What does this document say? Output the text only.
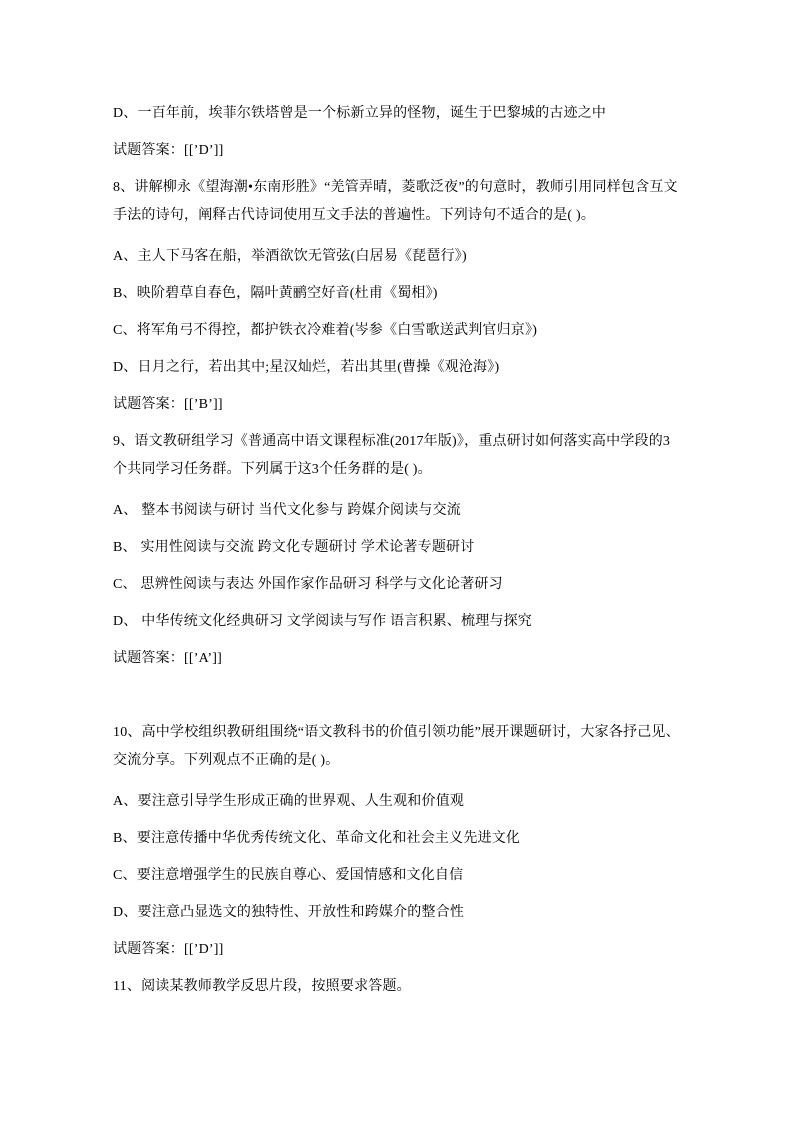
D、一百年前，埃菲尔铁塔曾是一个标新立异的怪物，诞生于巴黎城的古迹之中

试题答案：[[’D’]]

8、讲解柳永《望海潮•东南形胜》“羌管弄晴，菱歌泛夜”的句意时，教师引用同样包含互文手法的诗句，阐释古代诗词使用互文手法的普遍性。下列诗句不适合的是( )。

A、主人下马客在船，举酒欲饮无管弦(白居易《琵琶行》)

B、映阶碧草自春色，隔叶黄鹂空好音(杜甫《蜀相》)

C、将军角弓不得控，都护铁衣冷难着(岑参《白雪歌送武判官归京》)

D、日月之行，若出其中;星汉灿烂，若出其里(曹操《观沧海》)

试题答案：[[’B’]]

9、语文教研组学习《普通高中语文课程标准(2017年版)》，重点研讨如何落实高中学段的3个共同学习任务群。下列属于这3个任务群的是( )。

A、 整本书阅读与研讨 当代文化参与 跨媒介阅读与交流

B、 实用性阅读与交流 跨文化专题研讨 学术论著专题研讨

C、 思辨性阅读与表达 外国作家作品研习 科学与文化论著研习

D、 中华传统文化经典研习 文学阅读与写作 语言积累、梳理与探究

试题答案：[[’A’]]

10、高中学校组织教研组围绕“语文教科书的价值引领功能”展开课题研讨，大家各抒己见、交流分享。下列观点不正确的是( )。

A、要注意引导学生形成正确的世界观、人生观和价值观

B、要注意传播中华优秀传统文化、革命文化和社会主义先进文化

C、要注意增强学生的民族自尊心、爱国情感和文化自信

D、要注意凸显选文的独特性、开放性和跨媒介的整合性

试题答案：[[’D’]]

11、阅读某教师教学反思片段，按照要求答题。
